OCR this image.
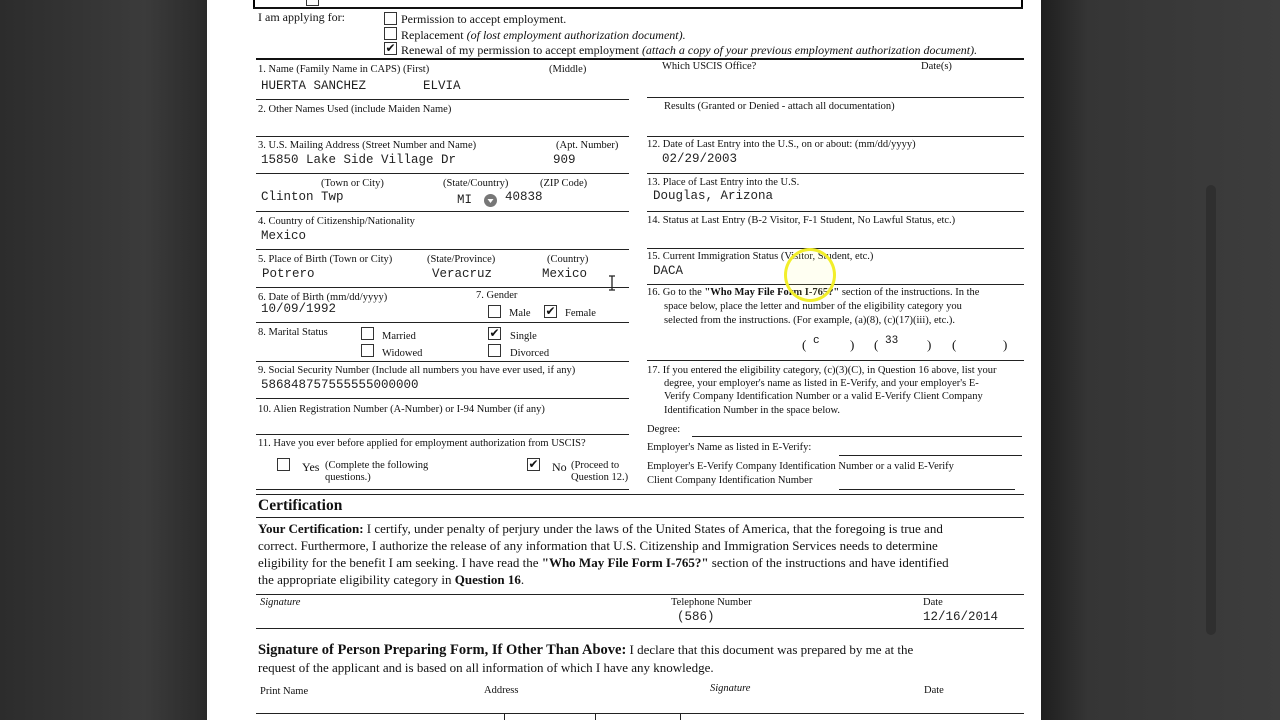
I am applying for:	Permission to accept employment.
Replacement (of lost employment authorization document).
✔ Renewal of my permission to accept employment (attach a copy of your previous employment authorization document).
1. Name (Family Name in CAPS) (First)	(Middle)
HUERTA SANCHEZ	ELVIA
2. Other Names Used (include Maiden Name)
3. U.S. Mailing Address (Street Number and Name)	(Apt. Number)
15850 Lake Side Village Dr	909
(Town or City)	(State/Country)	(ZIP Code)
Clinton Twp	MI	40838
4. Country of Citizenship/Nationality
Mexico
5. Place of Birth (Town or City)	(State/Province)	(Country)
Potrero	Veracruz	Mexico
6. Date of Birth (mm/dd/yyyy)
10/09/1992
7. Gender
Male ✔ Female
8. Marital Status	Married	✔ Single
Widowed	Divorced
9. Social Security Number (Include all numbers you have ever used, if any)
586848757555555000000
10. Alien Registration Number (A-Number) or I-94 Number (if any)
11. Have you ever before applied for employment authorization from USCIS?
Yes (Complete the following
questions.)
✔ No (Proceed to
Question 12.)
Which USCIS Office?	Date(s)
Results (Granted or Denied - attach all documentation)
12. Date of Last Entry into the U.S., on or about: (mm/dd/yyyy)
02/29/2003
13. Place of Last Entry into the U.S.
Douglas, Arizona
14. Status at Last Entry (B-2 Visitor, F-1 Student, No Lawful Status, etc.)
15. Current Immigration Status (Visitor, Student, etc.)
DACA
16. Go to the "Who May File Form I-765?" section of the instructions. In the
space below, place the letter and number of the eligibility category you
selected from the instructions. (For example, (a)(8), (c)(17)(iii), etc.).
( c ) ( 33 ) (	)
17. If you entered the eligibility category, (c)(3)(C), in Question 16 above, list your
degree, your employer's name as listed in E-Verify, and your employer's E-
Verify Company Identification Number or a valid E-Verify Client Company
Identification Number in the space below.
Degree:
Employer's Name as listed in E-Verify:
Employer's E-Verify Company Identification Number or a valid E-Verify
Client Company Identification Number
Certification
Your Certification: I certify, under penalty of perjury under the laws of the United States of America, that the foregoing is true and
correct. Furthermore, I authorize the release of any information that U.S. Citizenship and Immigration Services needs to determine
eligibility for the benefit I am seeking. I have read the "Who May File Form I-765?" section of the instructions and have identified
the appropriate eligibility category in Question 16.
Signature	Telephone Number
(586)
Date
12/16/2014
Signature of Person Preparing Form, If Other Than Above: I declare that this document was prepared by me at the
request of the applicant and is based on all information of which I have any knowledge.
Print Name	Address	Signature	Date
